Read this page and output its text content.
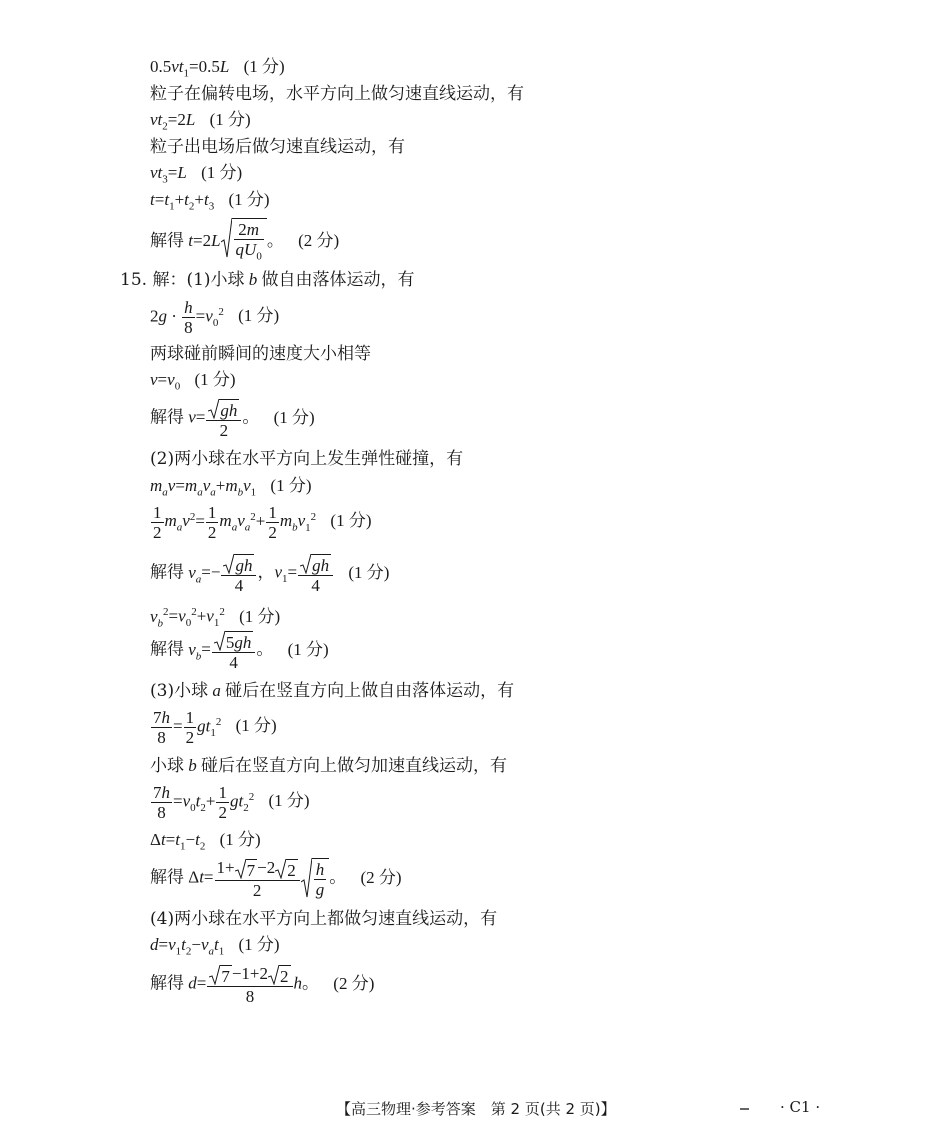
$0.5vt_1=0.5L$ (1 分)
粒子在偏转电场，水平方向上做匀速直线运动，有
$vt_2=2L$ (1 分)
粒子出电场后做匀速直线运动，有
$vt_3=L$ (1 分)
$t=t_1+t_2+t_3$ (1 分)
解得 $t=2L \frac{2m}{qU_0}$ 。 (2 分)
15. 解：(1)小球 b 做自由落体运动，有
$2g \cdot \frac{h}{8} =v_0^2$ (1 分)
两球碰前瞬间的速度大小相等
$v=v_0$ (1 分)
解得 $v= \frac{gh}{2}$ 。 (1 分)
(2)两小球在水平方向上发生弹性碰撞，有
$m_av=m_av_a+m_bv_1$ (1 分)
$\frac{1}{2} m_av^2= \frac{1}{2} m_av_a^2+ \frac{1}{2} m_bv_1^2$ (1 分)
解得 $v_a=- \frac{gh}{4}$ ，$v_1= \frac{gh}{4} (1$ 分)
$v_b^2=v_0^2+v_1^2$ (1 分)
解得 $v_b= \frac{5gh}{4}$ 。 (1 分)
(3)小球 a 碰后在竖直方向上做自由落体运动，有
$\frac{7h}{8} = \frac{1}{2} gt_1^2$ (1 分)
小球 b 碰后在竖直方向上做匀加速直线运动，有
$\frac{7h}{8} =v_0t_2+ \frac{1}{2} gt_2^2$ (1 分)
$\Delta t=t_1-t_2$ (1 分)
解得 $\Delta t= \frac{1+ 7 -2 2}{2} \frac{h}{g}$ 。 (2 分)
(4)两小球在水平方向上都做匀速直线运动，有
$d=v_1t_2-v_at_1$ (1 分)
解得 $d= \frac{7 -1+2 2}{8}$ h。 (2 分)
【高三物理·参考答案　第 2 页(共 2 页)】	· C1 ·
